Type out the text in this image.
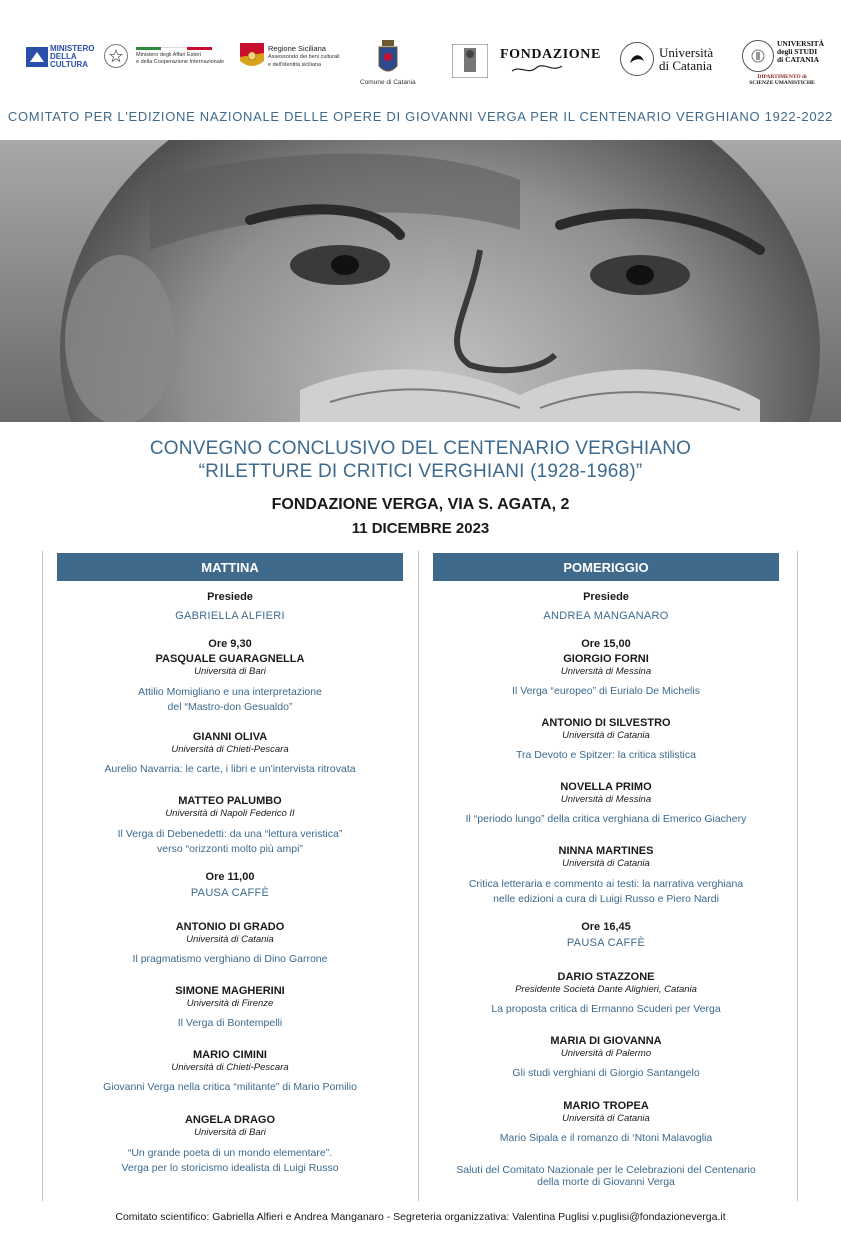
MINISTERO
DELLA
CULTURA
Ministero degli Affari Esteri
e della Cooperazione Internazionale
Regione Siciliana
Assessorato dei beni culturali
e dell'identità siciliana
Comune di Catania
FONDAZIONE	Università
di Catania
UNIVERSITÀ
degli STUDI
di CATANIA
DIPARTIMENTO di
SCIENZE UMANISTICHE
COMITATO PER L'EDIZIONE NAZIONALE DELLE OPERE DI GIOVANNI VERGA PER IL CENTENARIO VERGHIANO 1922-2022
CONVEGNO CONCLUSIVO DEL CENTENARIO VERGHIANO
“RILETTURE DI CRITICI VERGHIANI (1928-1968)”
FONDAZIONE VERGA, VIA S. AGATA, 2
11 DICEMBRE 2023
MATTINA	POMERIGGIO
Presiede
GABRIELLA ALFIERI
Ore 9,30
PASQUALE GUARAGNELLA
Università di Bari
Attilio Momigliano e una interpretazione
del “Mastro-don Gesualdo”
GIANNI OLIVA
Università di Chieti-Pescara
Aurelio Navarria: le carte, i libri e un'intervista ritrovata
MATTEO PALUMBO
Università di Napoli Federico II
Il Verga di Debenedetti: da una “lettura veristica”
verso “orizzonti molto più ampi”
Ore 11,00
PAUSA CAFFÈ
ANTONIO DI GRADO
Università di Catania
Il pragmatismo verghiano di Dino Garrone
SIMONE MAGHERINI
Università di Firenze
Il Verga di Bontempelli
MARIO CIMINI
Università di Chieti-Pescara
Giovanni Verga nella critica “militante” di Mario Pomilio
ANGELA DRAGO
Università di Bari
“Un grande poeta di un mondo elementare”.
Verga per lo storicismo idealista di Luigi Russo
Presiede
ANDREA MANGANARO
Ore 15,00
GIORGIO FORNI
Università di Messina
Il Verga “europeo” di Eurialo De Michelis
ANTONIO DI SILVESTRO
Università di Catania
Tra Devoto e Spitzer: la critica stilistica
NOVELLA PRIMO
Università di Messina
Il “periodo lungo” della critica verghiana di Emerico Giachery
NINNA MARTINES
Università di Catania
Critica letteraria e commento ai testi: la narrativa verghiana
nelle edizioni a cura di Luigi Russo e Piero Nardi
Ore 16,45
PAUSA CAFFÈ
DARIO STAZZONE
Presidente Società Dante Alighieri, Catania
La proposta critica di Ermanno Scuderi per Verga
MARIA DI GIOVANNA
Università di Palermo
Gli studi verghiani di Giorgio Santangelo
MARIO TROPEA
Università di Catania
Mario Sipala e il romanzo di ‘Ntoni Malavoglia
Saluti del Comitato Nazionale per le Celebrazioni del Centenario
della morte di Giovanni Verga
Comitato scientifico: Gabriella Alfieri e Andrea Manganaro - Segreteria organizzativa: Valentina Puglisi v.puglisi@fondazioneverga.it
